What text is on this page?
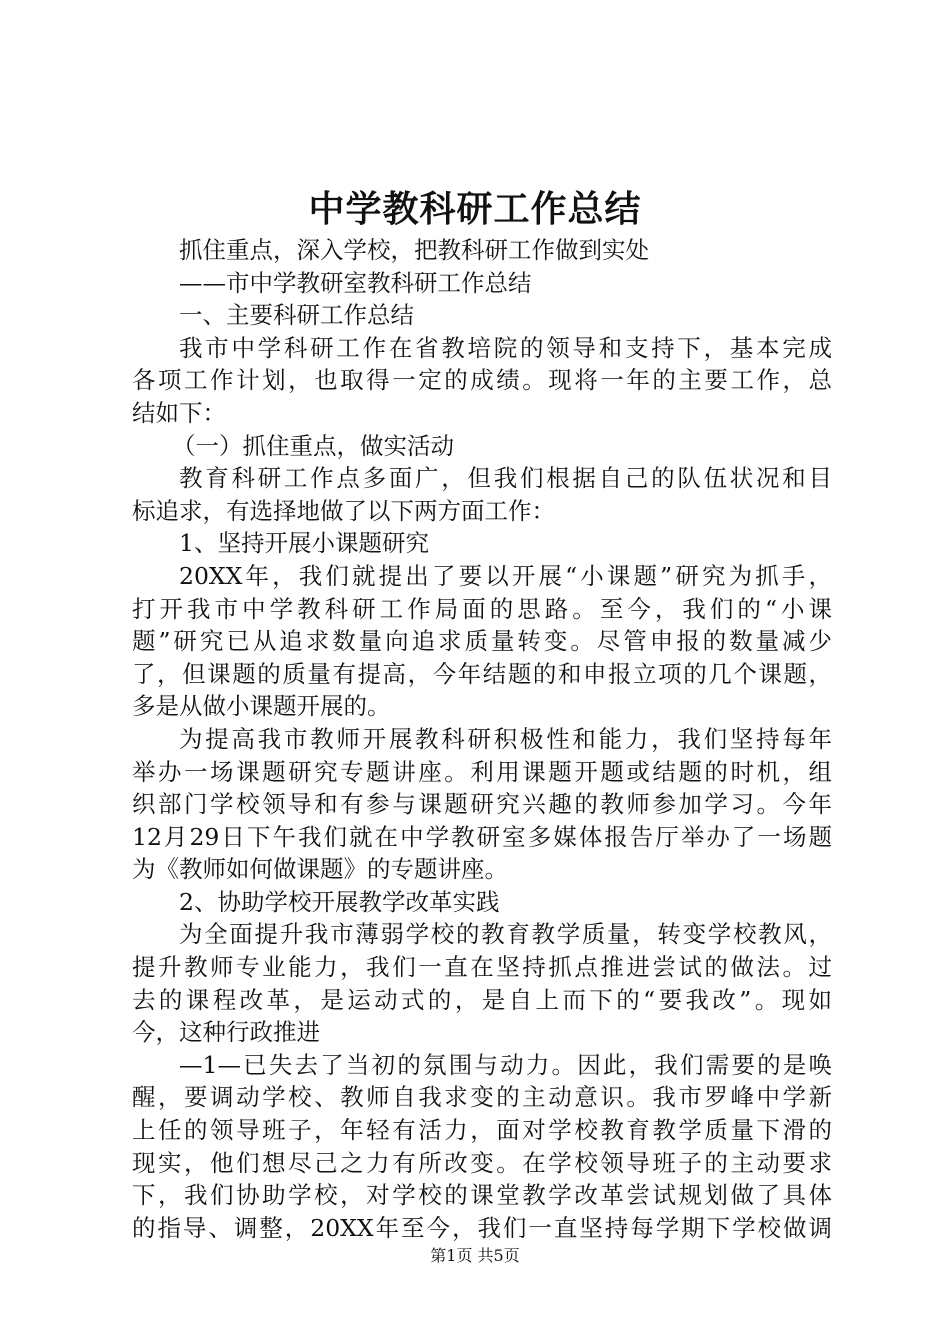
中学教科研工作总结
抓住重点，深入学校，把教科研工作做到实处
——市中学教研室教科研工作总结
一、主要科研工作总结
我市中学科研工作在省教培院的领导和支持下，基本完成
各项工作计划，也取得一定的成绩。现将一年的主要工作，总
结如下：
（一）抓住重点，做实活动
教育科研工作点多面广，但我们根据自己的队伍状况和目
标追求，有选择地做了以下两方面工作：
1、坚持开展小课题研究
20XX年，我们就提出了要以开展“小课题”研究为抓手，
打开我市中学教科研工作局面的思路。至今，我们的“小课
题”研究已从追求数量向追求质量转变。尽管申报的数量减少
了，但课题的质量有提高，今年结题的和申报立项的几个课题，
多是从做小课题开展的。
为提高我市教师开展教科研积极性和能力，我们坚持每年
举办一场课题研究专题讲座。利用课题开题或结题的时机，组
织部门学校领导和有参与课题研究兴趣的教师参加学习。今年
12月29日下午我们就在中学教研室多媒体报告厅举办了一场题
为《教师如何做课题》的专题讲座。
2、协助学校开展教学改革实践
为全面提升我市薄弱学校的教育教学质量，转变学校教风，
提升教师专业能力，我们一直在坚持抓点推进尝试的做法。过
去的课程改革，是运动式的，是自上而下的“要我改”。现如
今，这种行政推进
—1—已失去了当初的氛围与动力。因此，我们需要的是唤
醒，要调动学校、教师自我求变的主动意识。我市罗峰中学新
上任的领导班子，年轻有活力，面对学校教育教学质量下滑的
现实，他们想尽己之力有所改变。在学校领导班子的主动要求
下，我们协助学校，对学校的课堂教学改革尝试规划做了具体
的指导、调整，20XX年至今，我们一直坚持每学期下学校做调
第1页 共5页
